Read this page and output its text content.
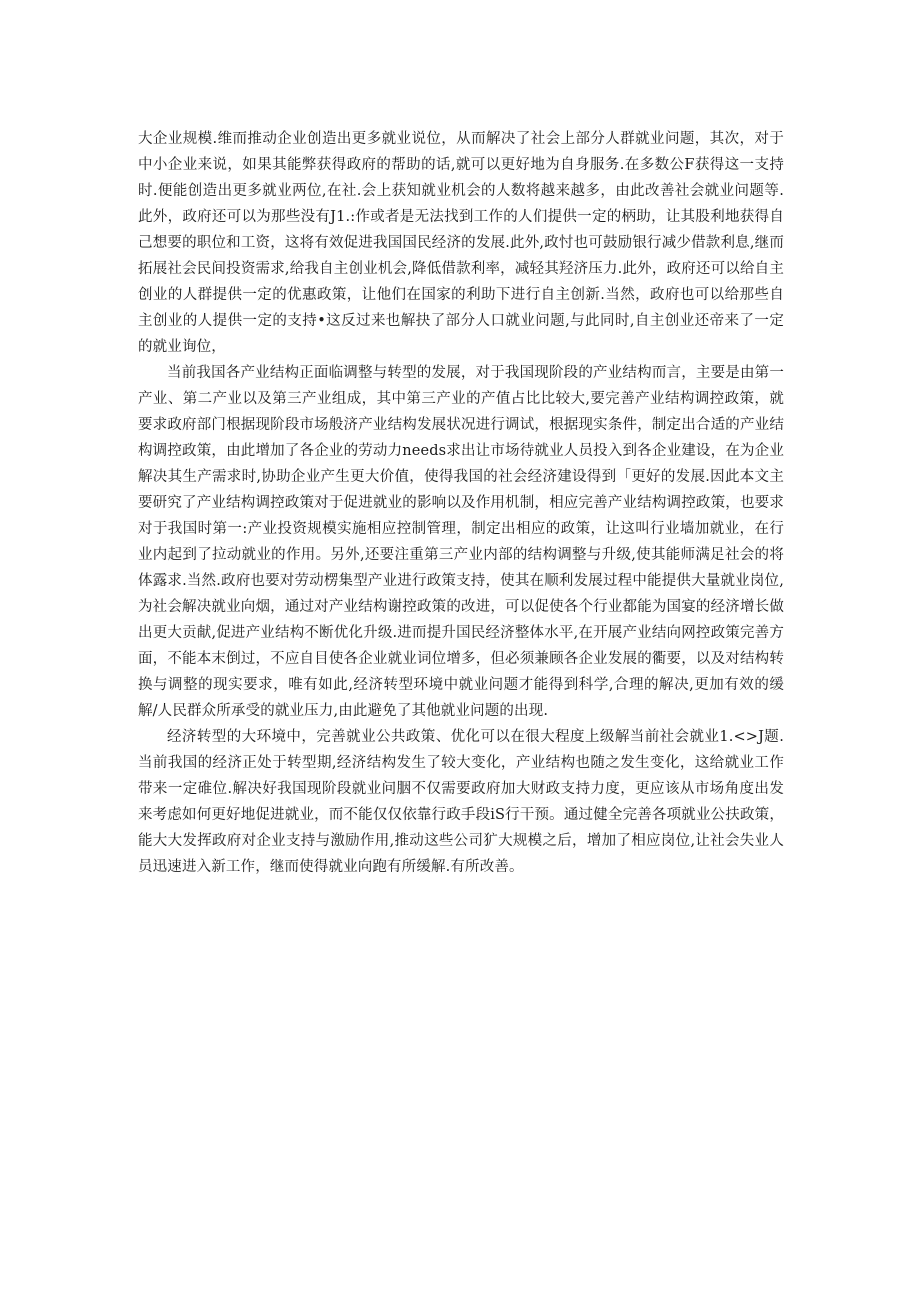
大企业规模.维而推动企业创造出更多就业说位，从而解决了社会上部分人群就业问题，其次，对于中小企业来说，如果其能弊获得政府的帮助的话,就可以更好地为自身服务.在多数公F获得这一支持时.便能创造出更多就业两位,在社.会上获知就业机会的人数将越来越多，由此改善社会就业问题等.此外，政府还可以为那些没有J1.:作或者是无法找到工作的人们提供一定的柄助，让其股利地获得自己想要的职位和工资，这将有效促进我国国民经济的发展.此外,政忖也可鼓励银行减少借款利息,继而拓展社会民间投资需求,给我自主创业机会,降低借款利率，减轻其羟济压力.此外，政府还可以给自主创业的人群提供一定的优惠政策，让他们在国家的利助下进行自主创新.当然，政府也可以给那些自主创业的人提供一定的支持•这反过来也解抉了部分人口就业问题,与此同时,自主创业还帝来了一定的就业询位，

当前我国各产业结构正面临调整与转型的发展，对于我国现阶段的产业结构而言，主要是由第一产业、第二产业以及第三产业组成，其中第三产业的产值占比比较大,要完善产业结构调控政策，就要求政府部门根据现阶段市场般济产业结构发展状况进行调试，根据现实条件，制定出合适的产业结构调控政策，由此增加了各企业的劳动力needs求出让市场待就业人员投入到各企业建设，在为企业解决其生产需求时,协助企业产生更大价值，使得我国的社会经济建设得到「更好的发展.因此本文主要研究了产业结构调控政策对于促进就业的影响以及作用机制，相应完善产业结构调控政策，也要求对于我国时第一:产业投资规模实施相应控制管理，制定出相应的政策，让这叫行业墙加就业，在行业内起到了拉动就业的作用。另外,还要注重第三产业内部的结构调整与升级,使其能师满足社会的将体露求.当然.政府也要对劳动楞集型产业进行政策支持，使其在顺利发展过程中能提供大量就业岗位,为社会解决就业向烟，通过对产业结构谢控政策的改进，可以促使各个行业都能为国宴的经济增长做出更大贡献,促进产业结构不断优化升级.进而提升国民经济整体水平,在开展产业结向网控政策完善方面，不能本末倒过，不应自目使各企业就业词位增多，但必须兼顾各企业发展的衢要，以及对结构转换与调整的现实要求，唯有如此,经济转型环境中就业问题才能得到科学,合理的解决,更加有效的缓解/人民群众所承受的就业压力,由此避免了其他就业问题的出现.

经济转型的大环境中，完善就业公共政策、优化可以在很大程度上级解当前社会就业1.<>J题.当前我国的经济正处于转型期,经济结构发生了较大变化，产业结构也随之发生变化，这给就业工作带来一定碓位.解决好我国现阶段就业问胭不仅需要政府加大财政支持力度，更应该从市场角度出发来考虑如何更好地促进就业，而不能仅仅依靠行政手段iS行干预。通过健全完善各项就业公扶政策，能大大发挥政府对企业支持与激励作用,推动这些公司犷大规模之后，增加了相应岗位,让社会失业人员迅速进入新工作，继而使得就业向跑有所缓解.有所改善。
